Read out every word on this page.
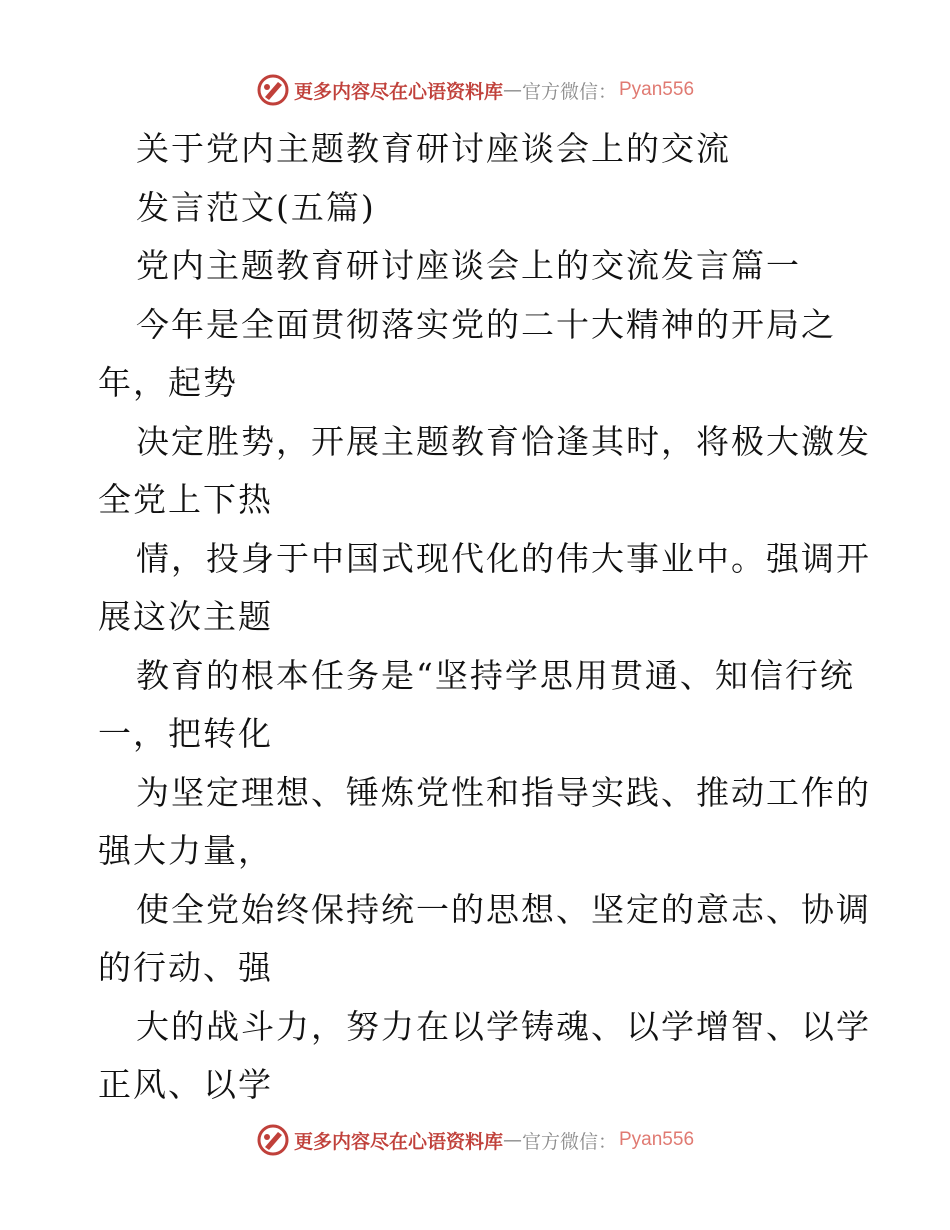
更多内容尽在心语资料库 — 官方微信： Pyan556
关于党内主题教育研讨座谈会上的交流
发言范文(五篇)
党内主题教育研讨座谈会上的交流发言篇一
今年是全面贯彻落实党的二十大精神的开局之
年，起势
决定胜势，开展主题教育恰逢其时，将极大激发
全党上下热
情，投身于中国式现代化的伟大事业中。强调开
展这次主题
教育的根本任务是“坚持学思用贯通、知信行统
一，把转化
为坚定理想、锤炼党性和指导实践、推动工作的
强大力量，
使全党始终保持统一的思想、坚定的意志、协调
的行动、强
大的战斗力，努力在以学铸魂、以学增智、以学
正风、以学
更多内容尽在心语资料库 — 官方微信： Pyan556
